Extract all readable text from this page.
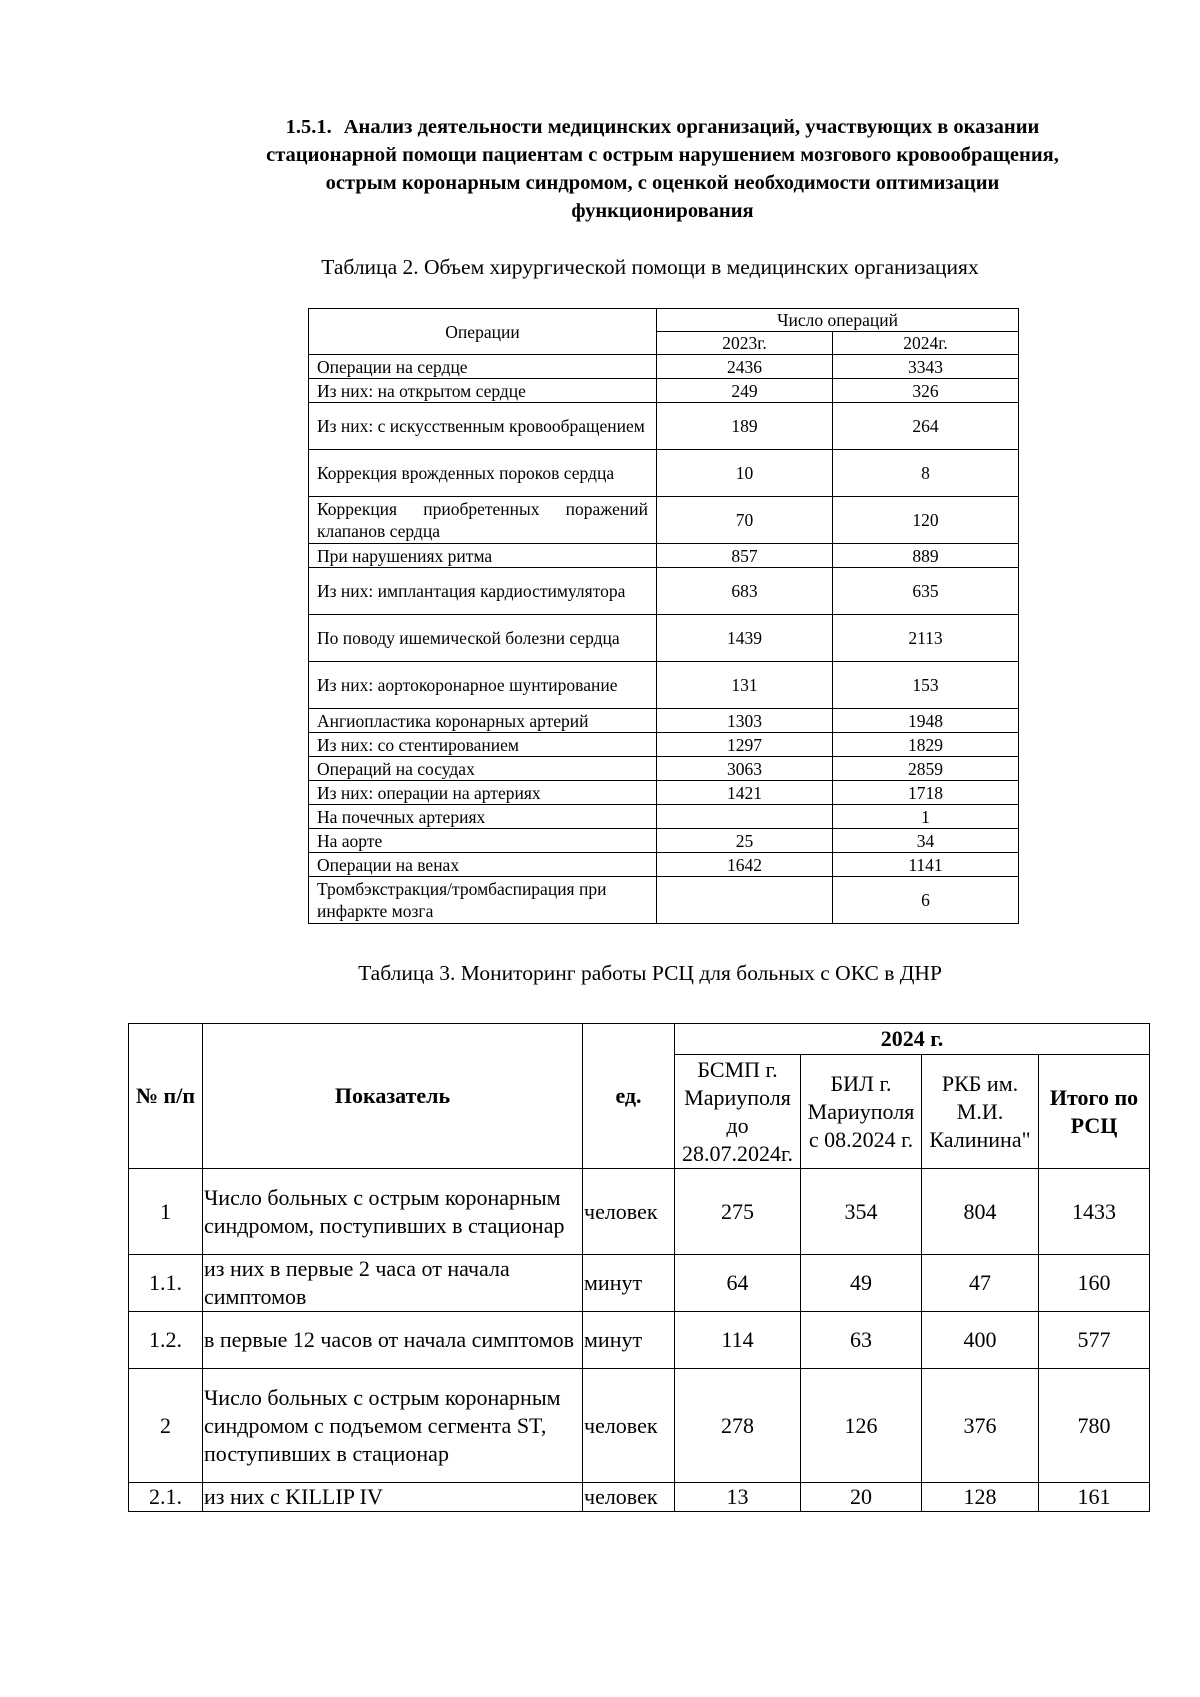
1.5.1. Анализ деятельности медицинских организаций, участвующих в оказании
стационарной помощи пациентам с острым нарушением мозгового кровообращения,
острым коронарным синдромом, с оценкой необходимости оптимизации
функционирования
Таблица 2. Объем хирургической помощи в медицинских организациях
Операции	Число операций	
	2023г.	2024г.
Операции на сердце	2436	3343
Из них: на открытом сердце	249	326
Из них: с искусственным кровообращением	189	264
Коррекция врожденных пороков сердца	10	8
Коррекция приобретенных поражений клапанов сердца	70	120
При нарушениях ритма	857	889
Из них: имплантация кардиостимулятора	683	635
По поводу ишемической болезни сердца	1439	2113
Из них: аортокоронарное шунтирование	131	153
Ангиопластика коронарных артерий	1303	1948
Из них: со стентированием	1297	1829
Операций на сосудах	3063	2859
Из них: операции на артериях	1421	1718
На почечных артериях		1
На аорте	25	34
Операции на венах	1642	1141
Тромбэкстракция/тромбаспирация при инфаркте мозга		6
Таблица 3. Мониторинг работы РСЦ для больных с ОКС в ДНР
№ п/п	Показатель	ед.	2024 г.			
			БСМП г. Мариуполя до 28.07.2024г.	БИЛ г. Мариуполя с 08.2024 г.	РКБ им. М.И. Калинина"	Итого по РСЦ
1	Число больных с острым коронарным синдромом, поступивших в стационар	человек	275	354	804	1433
1.1.	из них в первые 2 часа от начала симптомов	минут	64	49	47	160
1.2.	в первые 12 часов от начала симптомов	минут	114	63	400	577
2	Число больных с острым коронарным синдромом с подъемом сегмента ST, поступивших в стационар	человек	278	126	376	780
2.1.	из них с KILLIP IV	человек	13	20	128	161
